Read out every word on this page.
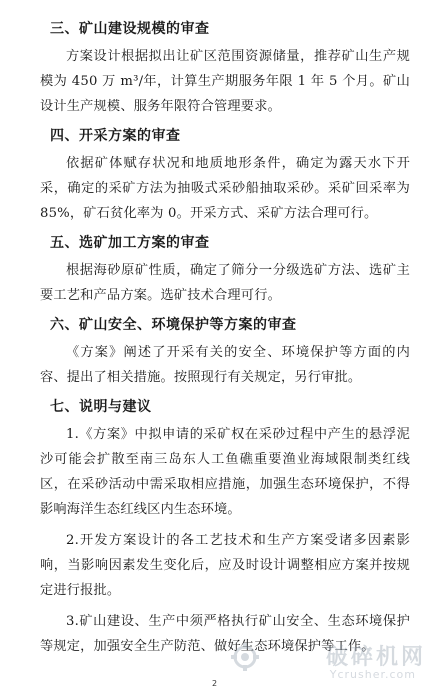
三、矿山建设规模的审查

方案设计根据拟出让矿区范围资源储量，推荐矿山生产规模为 450 万 m³/年，计算生产期服务年限 1 年 5 个月。矿山设计生产规模、服务年限符合管理要求。

四、开采方案的审查

依据矿体赋存状况和地质地形条件，确定为露天水下开采，确定的采矿方法为抽吸式采砂船抽取采砂。采矿回采率为 85%，矿石贫化率为 0。开采方式、采矿方法合理可行。

五、选矿加工方案的审查

根据海砂原矿性质，确定了筛分一分级选矿方法、选矿主要工艺和产品方案。选矿技术合理可行。

六、矿山安全、环境保护等方案的审查

《方案》阐述了开采有关的安全、环境保护等方面的内容、提出了相关措施。按照现行有关规定，另行审批。

七、说明与建议

1.《方案》中拟申请的采矿权在采砂过程中产生的悬浮泥沙可能会扩散至南三岛东人工鱼礁重要渔业海域限制类红线区，在采砂活动中需采取相应措施，加强生态环境保护，不得影响海洋生态红线区内生态环境。

2.开发方案设计的各工艺技术和生产方案受诸多因素影响，当影响因素发生变化后，应及时设计调整相应方案并按规定进行报批。

3.矿山建设、生产中须严格执行矿山安全、生态环境保护等规定，加强安全生产防范、做好生态环境保护等工作。

2
破碎机网
Ycrusher.com
